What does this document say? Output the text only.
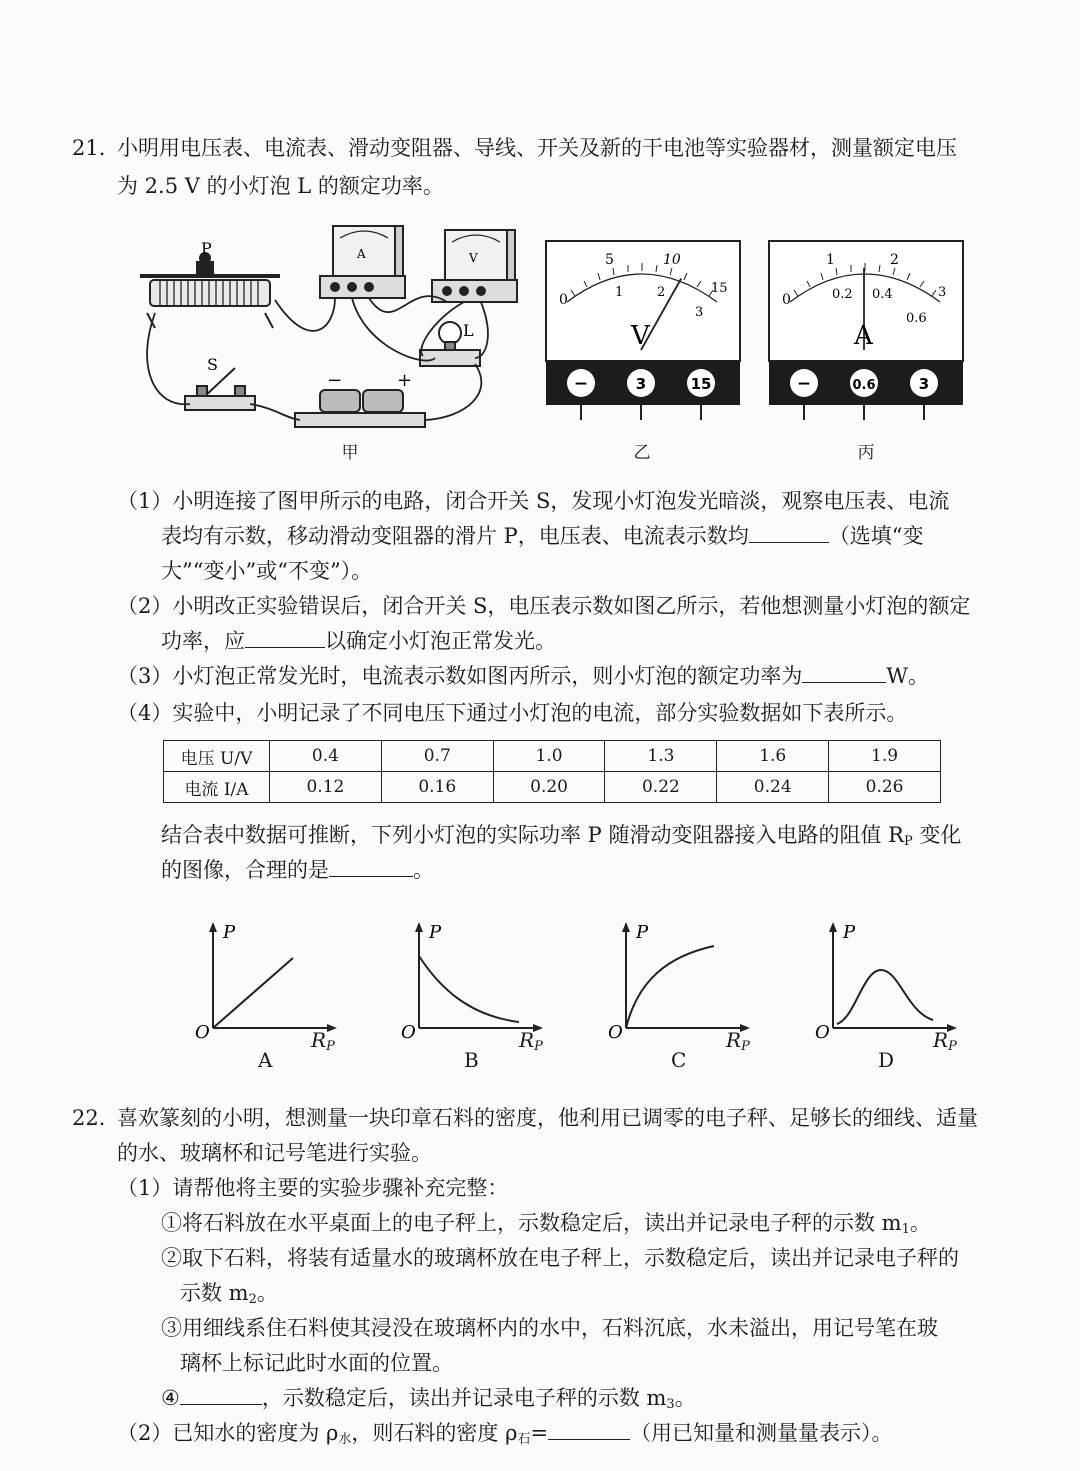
21. 小明用电压表、电流表、滑动变阻器、导线、开关及新的干电池等实验器材，测量额定电压
为 2.5 V 的小灯泡 L 的额定功率。
P	A	V
L
S
−	+
甲
0
5	10
15
1	2
3
V
−	3	15
乙
0
1	2
3
0.2 0.4
0.6
A
−	0.6	3
丙
（1）小明连接了图甲所示的电路，闭合开关 S，发现小灯泡发光暗淡，观察电压表、电流
表均有示数，移动滑动变阻器的滑片 P，电压表、电流表示数均	（选填“变
大”“变小”或“不变”）。
（2）小明改正实验错误后，闭合开关 S，电压表示数如图乙所示，若他想测量小灯泡的额定
功率，应	以确定小灯泡正常发光。
（3）小灯泡正常发光时，电流表示数如图丙所示，则小灯泡的额定功率为	W。
（4）实验中，小明记录了不同电压下通过小灯泡的电流，部分实验数据如下表所示。
电压 U/V	0.4	0.7	1.0	1.3	1.6	1.9
电流 I/A	0.12	0.16	0.20	0.22	0.24	0.26
结合表中数据可推断，下列小灯泡的实际功率 P 随滑动变阻器接入电路的阻值 $R_P$ 变化
的图像，合理的是	。
P
O	$R_P$
A
P
O	$R_P$
B
P
O	$R_P$
C
P
O	$R_P$
D
22. 喜欢篆刻的小明，想测量一块印章石料的密度，他利用已调零的电子秤、足够长的细线、适量
的水、玻璃杯和记号笔进行实验。
（1）请帮他将主要的实验步骤补充完整：
①将石料放在水平桌面上的电子秤上，示数稳定后，读出并记录电子秤的示数 $m_1$。
②取下石料，将装有适量水的玻璃杯放在电子秤上，示数稳定后，读出并记录电子秤的
示数 $m_2$。
③用细线系住石料使其浸没在玻璃杯内的水中，石料沉底，水未溢出，用记号笔在玻
璃杯上标记此时水面的位置。
④	，示数稳定后，读出并记录电子秤的示数 $m_3$。
（2）已知水的密度为 $\rho_水$，则石料的密度 $\rho_石=$	（用已知量和测量量表示）。
